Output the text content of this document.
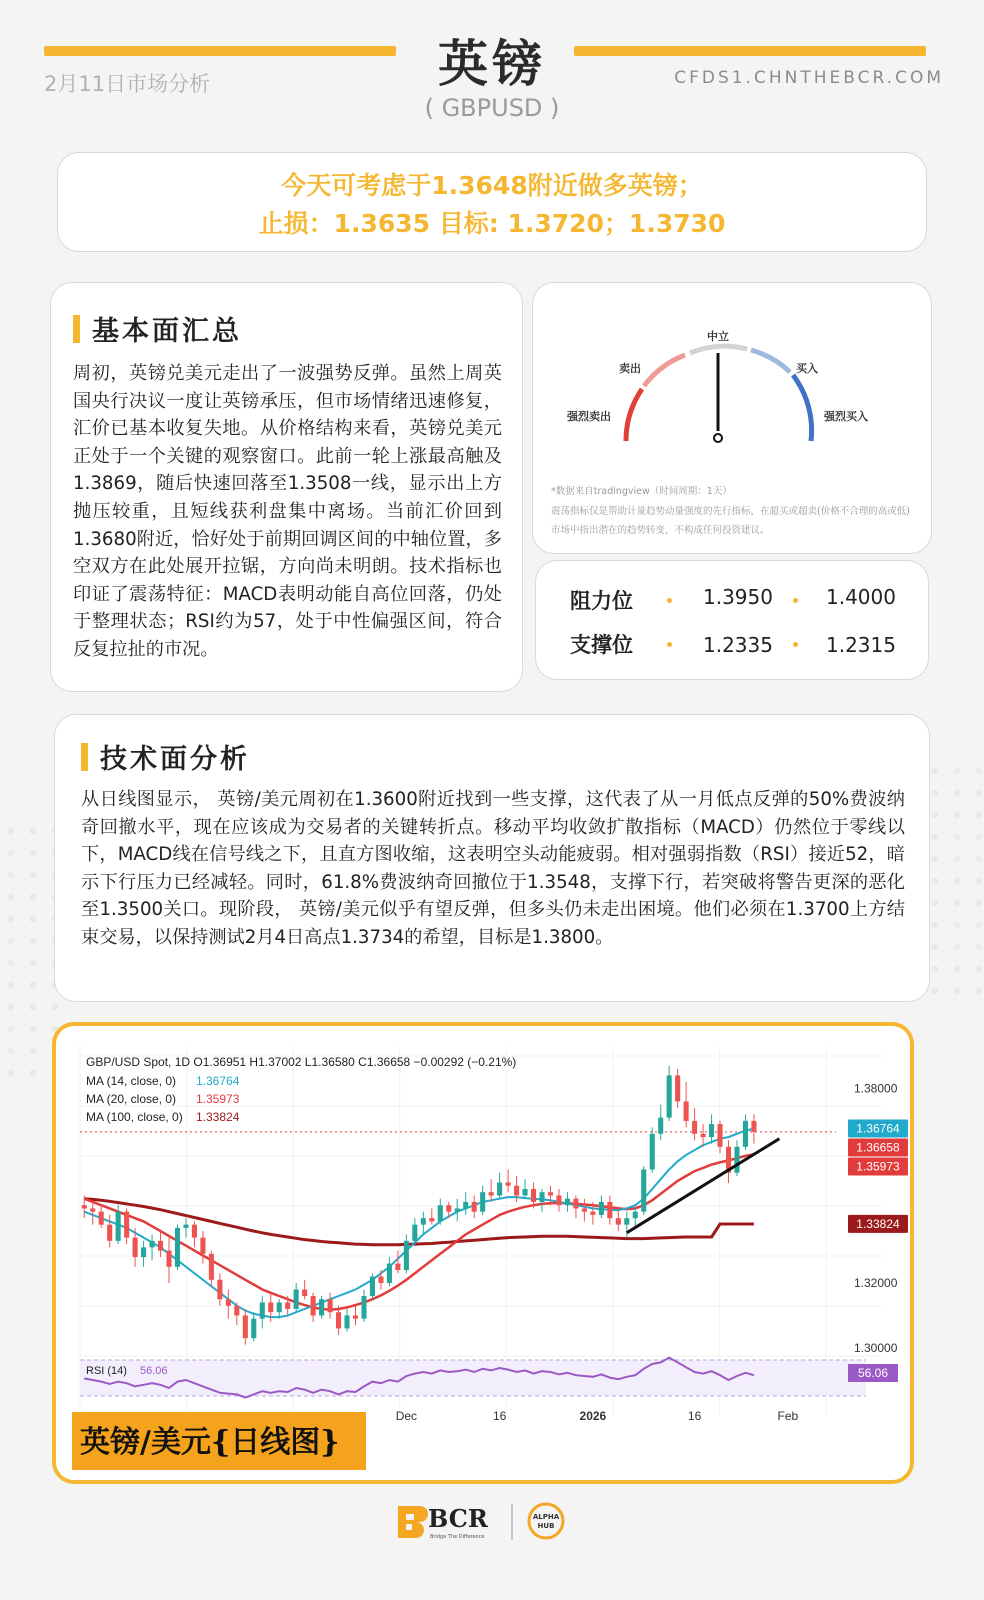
英镑
( GBPUSD )
2月11日市场分析	CFDS1.CHNTHEBCR.COM
今天可考虑于1.3648附近做多英镑；
止损：1.3635 目标: 1.3720；1.3730
基本面汇总

周初，英镑兑美元走出了一波强势反弹。虽然上周英国央行决议一度让英镑承压，但市场情绪迅速修复，汇价已基本收复失地。从价格结构来看，英镑兑美元正处于一个关键的观察窗口。此前一轮上涨最高触及1.3869，随后快速回落至1.3508一线，显示出上方抛压较重，且短线获利盘集中离场。当前汇价回到1.3680附近，恰好处于前期回调区间的中轴位置，多空双方在此处展开拉锯，方向尚未明朗。技术指标也印证了震荡特征：MACD表明动能自高位回落，仍处于整理状态；RSI约为57，处于中性偏强区间，符合反复拉扯的市况。

强烈卖出
卖出
中立
买入
强烈买入
*数据来自tradingview（时间周期：1天）
震荡指标仅是帮助计量趋势动量强度的先行指标，在超买或超卖(价格不合理的高或低) 市场中指出潜在的趋势转变，不构成任何投资建议。
阻力位	1.3950	1.4000
支撑位	1.2335	1.2315
技术面分析

从日线图显示， 英镑/美元周初在1.3600附近找到一些支撑，这代表了从一月低点反弹的50%费波纳奇回撤水平，现在应该成为交易者的关键转折点。移动平均收敛扩散指标（MACD）仍然位于零线以下，MACD线在信号线之下，且直方图收缩，这表明空头动能疲弱。相对强弱指数（RSI）接近52，暗示下行压力已经减轻。同时，61.8%费波纳奇回撤位于1.3548，支撑下行，若突破将警告更深的恶化至1.3500关口。现阶段， 英镑/美元似乎有望反弹，但多头仍未走出困境。他们必须在1.3700上方结束交易，以保持测试2月4日高点1.3734的希望，目标是1.3800。

1.38000
1.32000
1.30000
1.36764
1.36658
1.35973
1.33824
GBP/USD Spot, 1D O1.36951 H1.37002 L1.36580 C1.36658 −0.00292 (−0.21%)
MA (14, close, 0) 1.36764
MA (20, close, 0) 1.35973
MA (100, close, 0) 1.33824
RSI (14) 56.06	56.06
Dec	16	2026	16	Feb
英镑/美元{日线图}
BCR
Bridge The Difference
ALPHA
HUB
